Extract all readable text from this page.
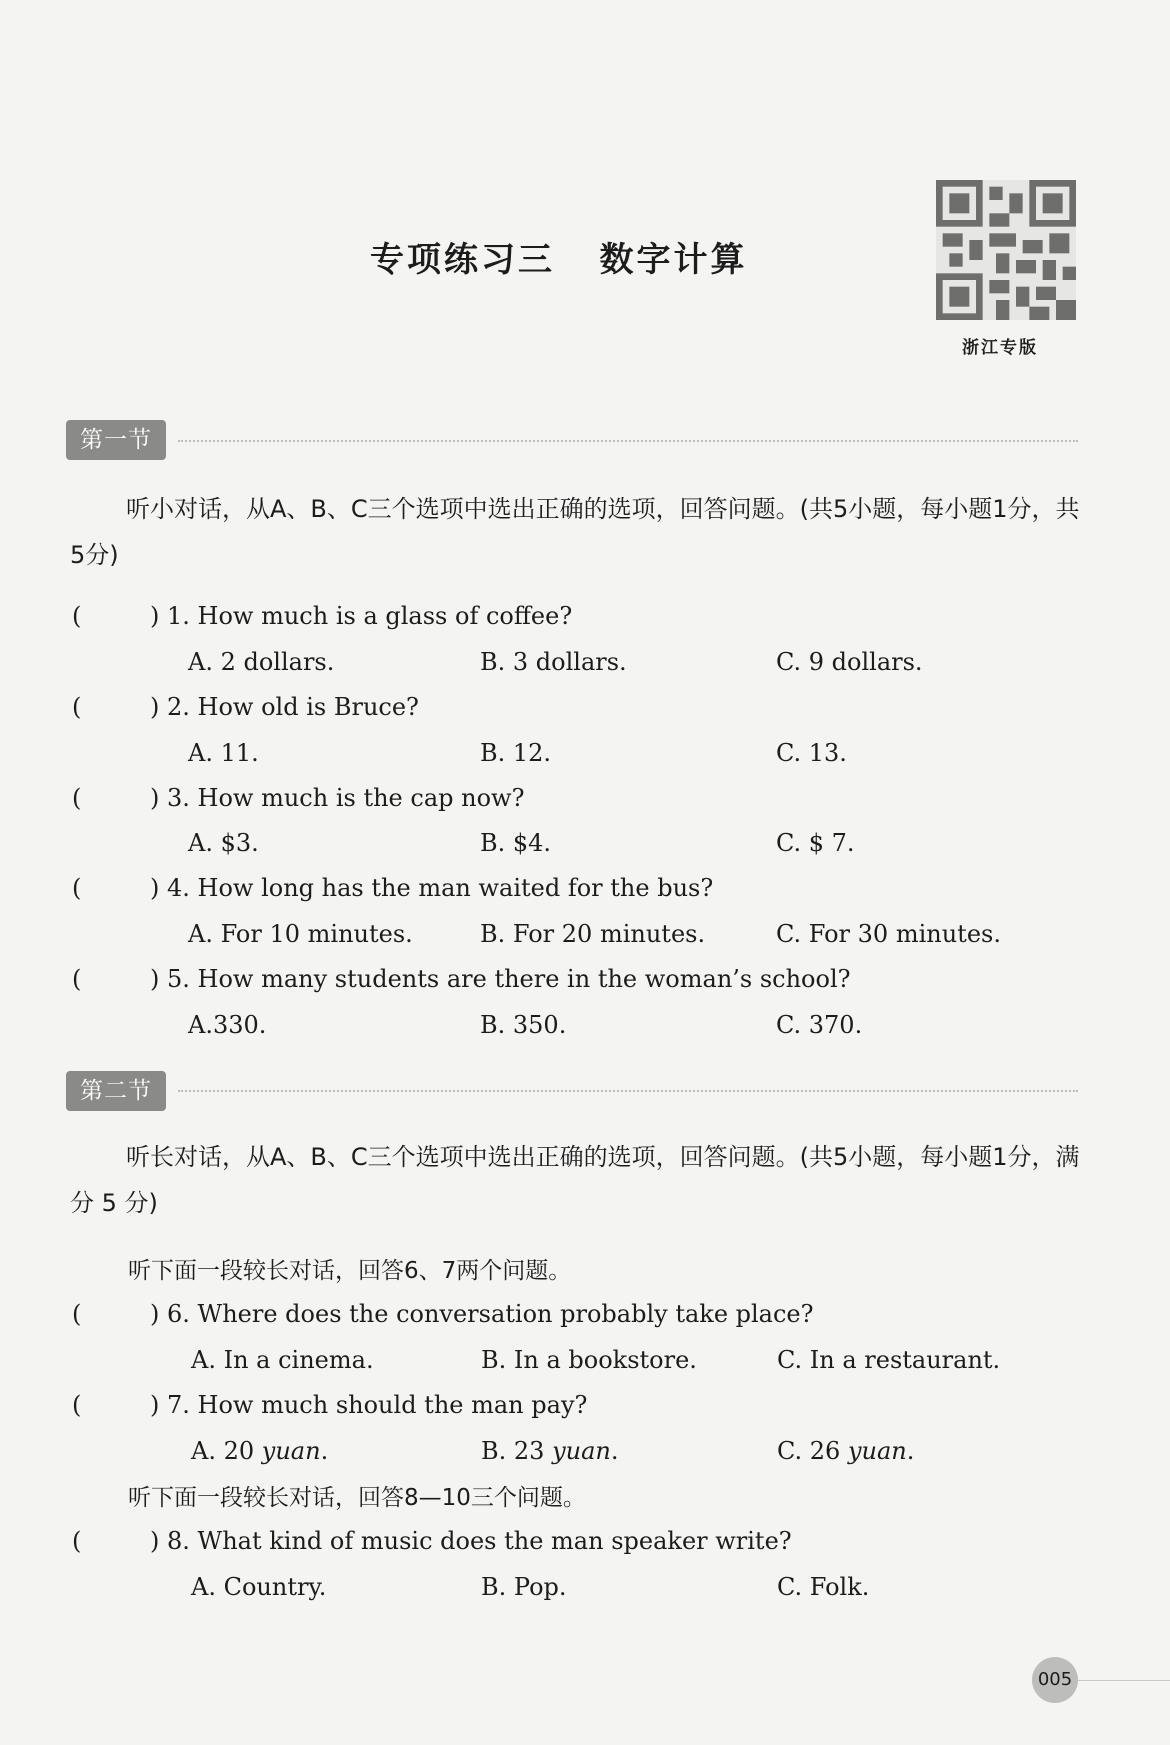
专项练习三   数字计算
浙江专版
第一节
听小对话，从A、B、C三个选项中选出正确的选项，回答问题。(共5小题，每小题1分，共5分)
(	) 1. How much is a glass of coffee?
A. 2 dollars.	B. 3 dollars.	C. 9 dollars.
(	) 2. How old is Bruce?
A. 11.	B. 12.	C. 13.
(	) 3. How much is the cap now?
A. $3.	B. $4.	C. $ 7.
(	) 4. How long has the man waited for the bus?
A. For 10 minutes.	B. For 20 minutes.	C. For 30 minutes.
(	) 5. How many students are there in the woman’s school?
A.330.	B. 350.	C. 370.
第二节
听长对话，从A、B、C三个选项中选出正确的选项，回答问题。(共5小题，每小题1分，满分 5 分)
听下面一段较长对话，回答6、7两个问题。
(	) 6. Where does the conversation probably take place?
A. In a cinema.	B. In a bookstore.	C. In a restaurant.
(	) 7. How much should the man pay?
A. 20 yuan.	B. 23 yuan.	C. 26 yuan.
听下面一段较长对话，回答8—10三个问题。
(	) 8. What kind of music does the man speaker write?
A. Country.	B. Pop.	C. Folk.
005
